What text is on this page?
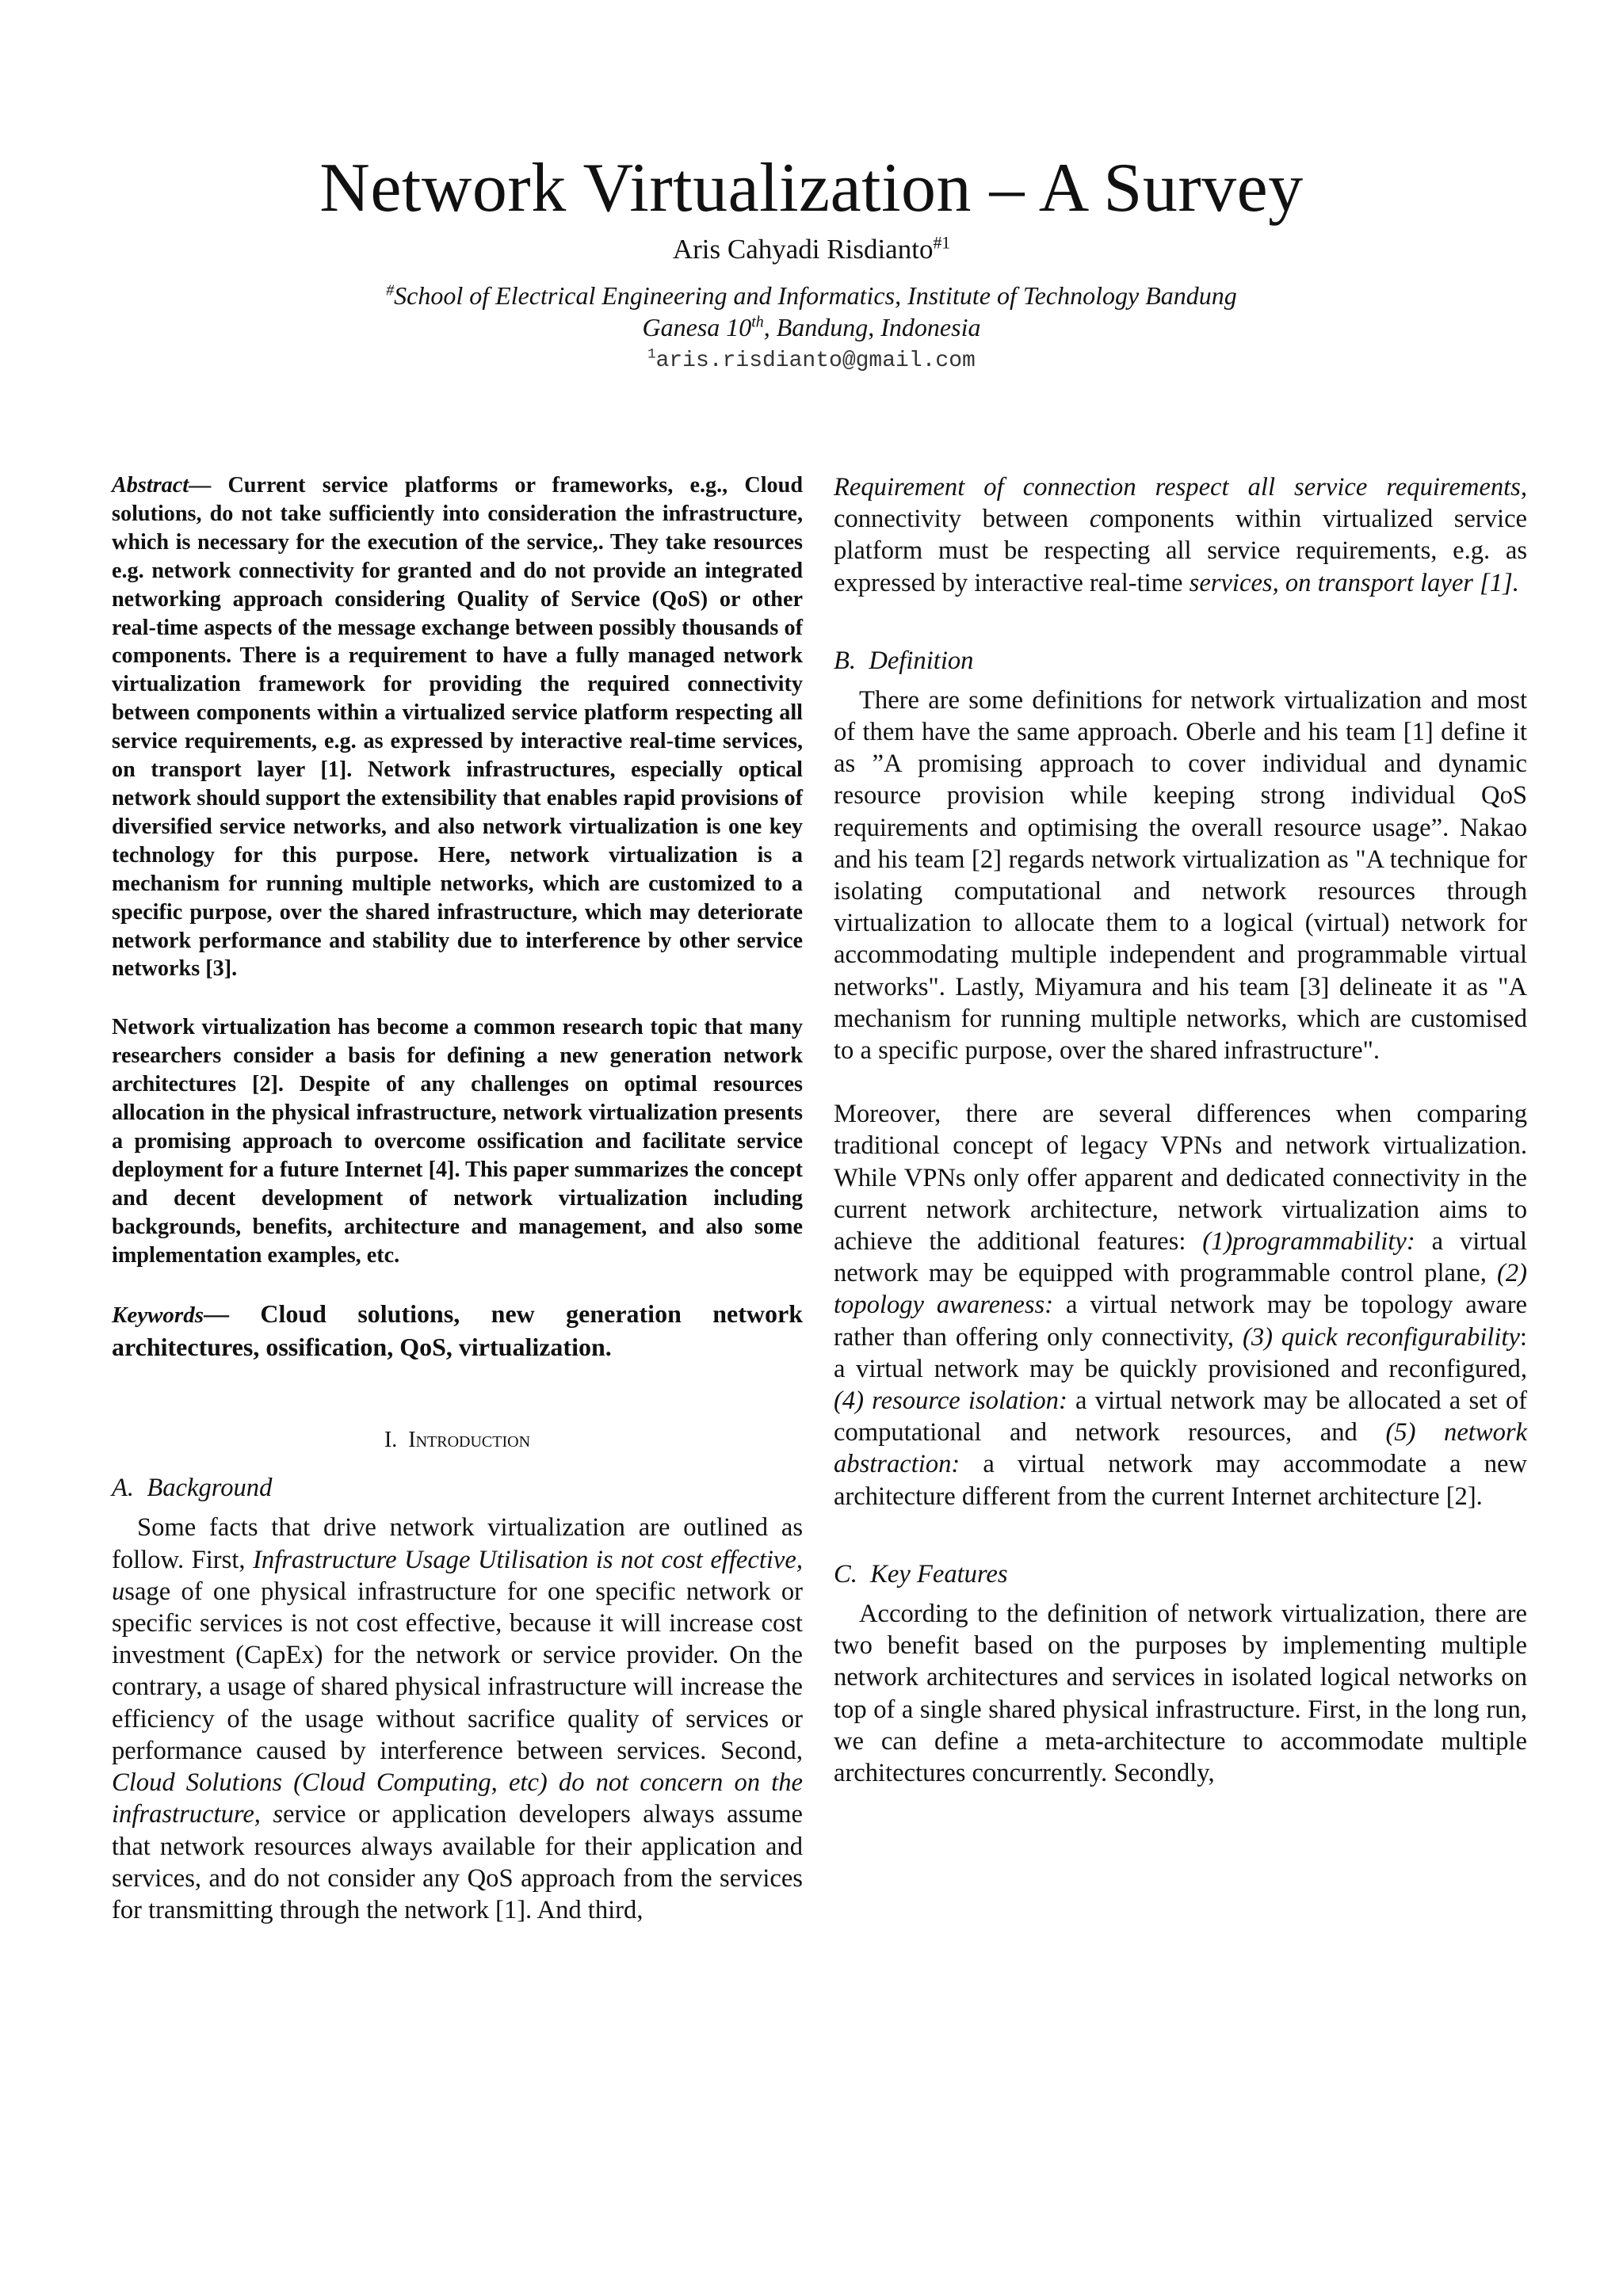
Network Virtualization – A Survey
Aris Cahyadi Risdianto$^{\#1}$
#School of Electrical Engineering and Informatics, Institute of Technology Bandung
Ganesa 10th, Bandung, Indonesia
$^1$aris.risdianto@gmail.com

Abstract— Current service platforms or frameworks, e.g., Cloud solutions, do not take sufficiently into consideration the infrastructure, which is necessary for the execution of the service,. They take resources e.g. network connectivity for granted and do not provide an integrated networking approach considering Quality of Service (QoS) or other real-time aspects of the message exchange between possibly thousands of components. There is a requirement to have a fully managed network virtualization framework for providing the required connectivity between components within a virtualized service platform respecting all service requirements, e.g. as expressed by interactive real-time services, on transport layer [1]. Network infrastructures, especially optical network should support the extensibility that enables rapid provisions of diversified service networks, and also network virtualization is one key technology for this purpose. Here, network virtualization is a mechanism for running multiple networks, which are customized to a specific purpose, over the shared infrastructure, which may deteriorate network performance and stability due to interference by other service networks [3].

Network virtualization has become a common research topic that many researchers consider a basis for defining a new generation network architectures [2]. Despite of any challenges on optimal resources allocation in the physical infrastructure, network virtualization presents a promising approach to overcome ossification and facilitate service deployment for a future Internet [4]. This paper summarizes the concept and decent development of network virtualization including backgrounds, benefits, architecture and management, and also some implementation examples, etc.

Keywords— Cloud solutions, new generation network architectures, ossification, QoS, virtualization.

I. Introduction
A. Background

Some facts that drive network virtualization are outlined as follow. First, Infrastructure Usage Utilisation is not cost effective, usage of one physical infrastructure for one specific network or specific services is not cost effective, because it will increase cost investment (CapEx) for the network or service provider. On the contrary, a usage of shared physical infrastructure will increase the efficiency of the usage without sacrifice quality of services or performance caused by interference between services. Second, Cloud Solutions (Cloud Computing, etc) do not concern on the infrastructure, service or application developers always assume that network resources always available for their application and services, and do not consider any QoS approach from the services for transmitting through the network [1]. And third,

Requirement of connection respect all service requirements, connectivity between components within virtualized service platform must be respecting all service requirements, e.g. as expressed by interactive real-time services, on transport layer [1].

B. Definition

There are some definitions for network virtualization and most of them have the same approach. Oberle and his team [1] define it as ”A promising approach to cover individual and dynamic resource provision while keeping strong individual QoS requirements and optimising the overall resource usage”. Nakao and his team [2] regards network virtualization as "A technique for isolating computational and network resources through virtualization to allocate them to a logical (virtual) network for accommodating multiple independent and programmable virtual networks". Lastly, Miyamura and his team [3] delineate it as "A mechanism for running multiple networks, which are customised to a specific purpose, over the shared infrastructure".

Moreover, there are several differences when comparing traditional concept of legacy VPNs and network virtualization. While VPNs only offer apparent and dedicated connectivity in the current network architecture, network virtualization aims to achieve the additional features: (1)programmability: a virtual network may be equipped with programmable control plane, (2) topology awareness: a virtual network may be topology aware rather than offering only connectivity, (3) quick reconfigurability: a virtual network may be quickly provisioned and reconfigured, (4) resource isolation: a virtual network may be allocated a set of computational and network resources, and (5) network abstraction: a virtual network may accommodate a new architecture different from the current Internet architecture [2].

C. Key Features

According to the definition of network virtualization, there are two benefit based on the purposes by implementing multiple network architectures and services in isolated logical networks on top of a single shared physical infrastructure. First, in the long run, we can define a meta-architecture to accommodate multiple architectures concurrently. Secondly,
